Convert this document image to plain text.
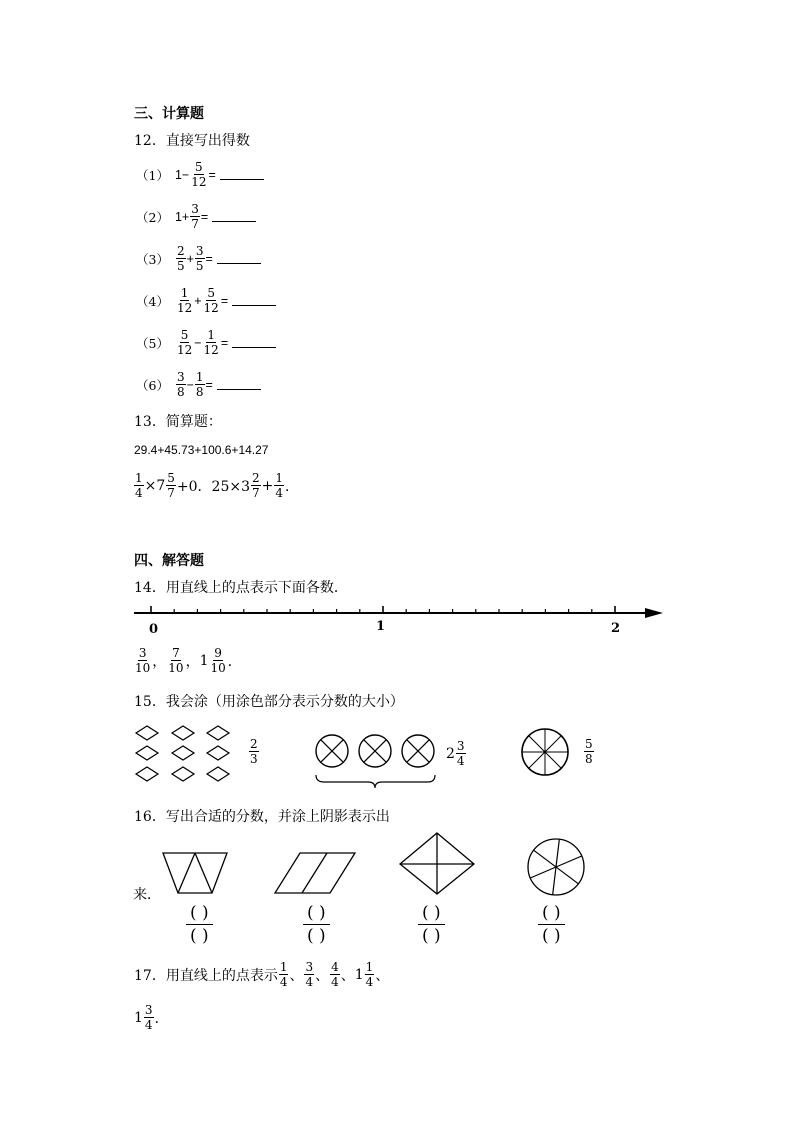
三、计算题
12．直接写出得数
（1） $1- \frac{5}{12}$ =
（2） $1+ \frac{3}{7}$ =
$(3) \frac{2}{5} + \frac{3}{5}$ =
$(4) \frac{1}{12} + \frac{5}{12}$ =
$(5) \frac{5}{12} - \frac{1}{12}$ =
$(6) \frac{3}{8} - \frac{1}{8}$ =
13．简算题：
29.4+45.73+100.6+14.27
$\frac{1}{4} \times 7 \frac{5}{7} +0$．$25\times 3 \frac{2}{7} + \frac{1}{4}$ ．
四、解答题
14．用直线上的点表示下面各数．
0	1	2
$\frac{3}{10}$ ， $\frac{7}{10}$ ， $1 \frac{9}{10}$ ．
15．我会涂（用涂色部分表示分数的大小）
$\frac{2}{3}$	$2 \frac{3}{4}$	$\frac{5}{8}$
16．写出合适的分数，并涂上阴影表示出
来．
( )
( )
( )
( )
( )
( )
( )
( )
17．用直线上的点表示 $\frac{1}{4}$ 、 $\frac{3}{4}$ 、 $\frac{4}{4}$ 、 $1 \frac{1}{4}$ 、
$1 \frac{3}{4}$ ．
